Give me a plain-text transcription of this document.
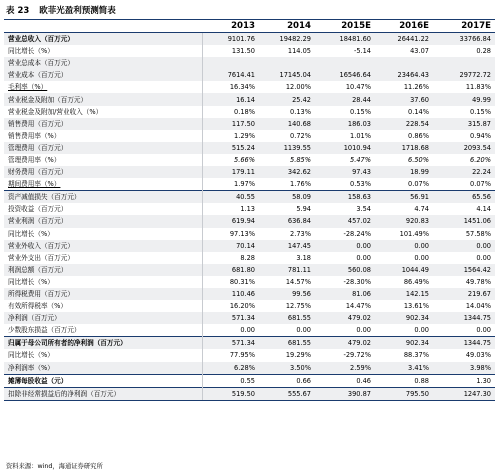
表 23 欧菲光盈利预测简表
	2013	2014	2015E	2016E	2017E
营业总收入（百万元）	9101.76	19482.29	18481.60	26441.22	33766.84
同比增长（%）	131.50	114.05	-5.14	43.07	0.28
营业总成本（百万元）					
营业成本（百万元）	7614.41	17145.04	16546.64	23464.43	29772.72
毛利率（%）	16.34%	12.00%	10.47%	11.26%	11.83%
营业税金及附加（百万元）	16.14	25.42	28.44	37.60	49.99
营业税金及附加/营业收入（%）	0.18%	0.13%	0.15%	0.14%	0.15%
销售费用（百万元）	117.50	140.68	186.03	228.54	315.87
销售费用率（%）	1.29%	0.72%	1.01%	0.86%	0.94%
管理费用（百万元）	515.24	1139.55	1010.94	1718.68	2093.54
管理费用率（%）	5.66%	5.85%	5.47%	6.50%	6.20%
财务费用（百万元）	179.11	342.62	97.43	18.99	22.24
期间费用率（%）	1.97%	1.76%	0.53%	0.07%	0.07%
资产减值损失（百万元）	40.55	58.09	158.63	56.91	65.56
投资收益（百万元）	1.13	5.94	3.54	4.74	4.14
营业利润（百万元）	619.94	636.84	457.02	920.83	1451.06
同比增长（%）	97.13%	2.73%	-28.24%	101.49%	57.58%
营业外收入（百万元）	70.14	147.45	0.00	0.00	0.00
营业外支出（百万元）	8.28	3.18	0.00	0.00	0.00
利润总额（百万元）	681.80	781.11	560.08	1044.49	1564.42
同比增长（%）	80.31%	14.57%	-28.30%	86.49%	49.78%
所得税费用（百万元）	110.46	99.56	81.06	142.15	219.67
有效所得税率（%）	16.20%	12.75%	14.47%	13.61%	14.04%
净利润（百万元）	571.34	681.55	479.02	902.34	1344.75
少数股东损益（百万元）	0.00	0.00	0.00	0.00	0.00
归属于母公司所有者的净利润（百万元）	571.34	681.55	479.02	902.34	1344.75
同比增长（%）	77.95%	19.29%	-29.72%	88.37%	49.03%
净利润率（%）	6.28%	3.50%	2.59%	3.41%	3.98%
摊薄每股收益（元）	0.55	0.66	0.46	0.88	1.30
扣除非经常损益后的净利润（百万元）	519.50	555.67	390.87	795.50	1247.30
资料来源：wind，海通证券研究所
